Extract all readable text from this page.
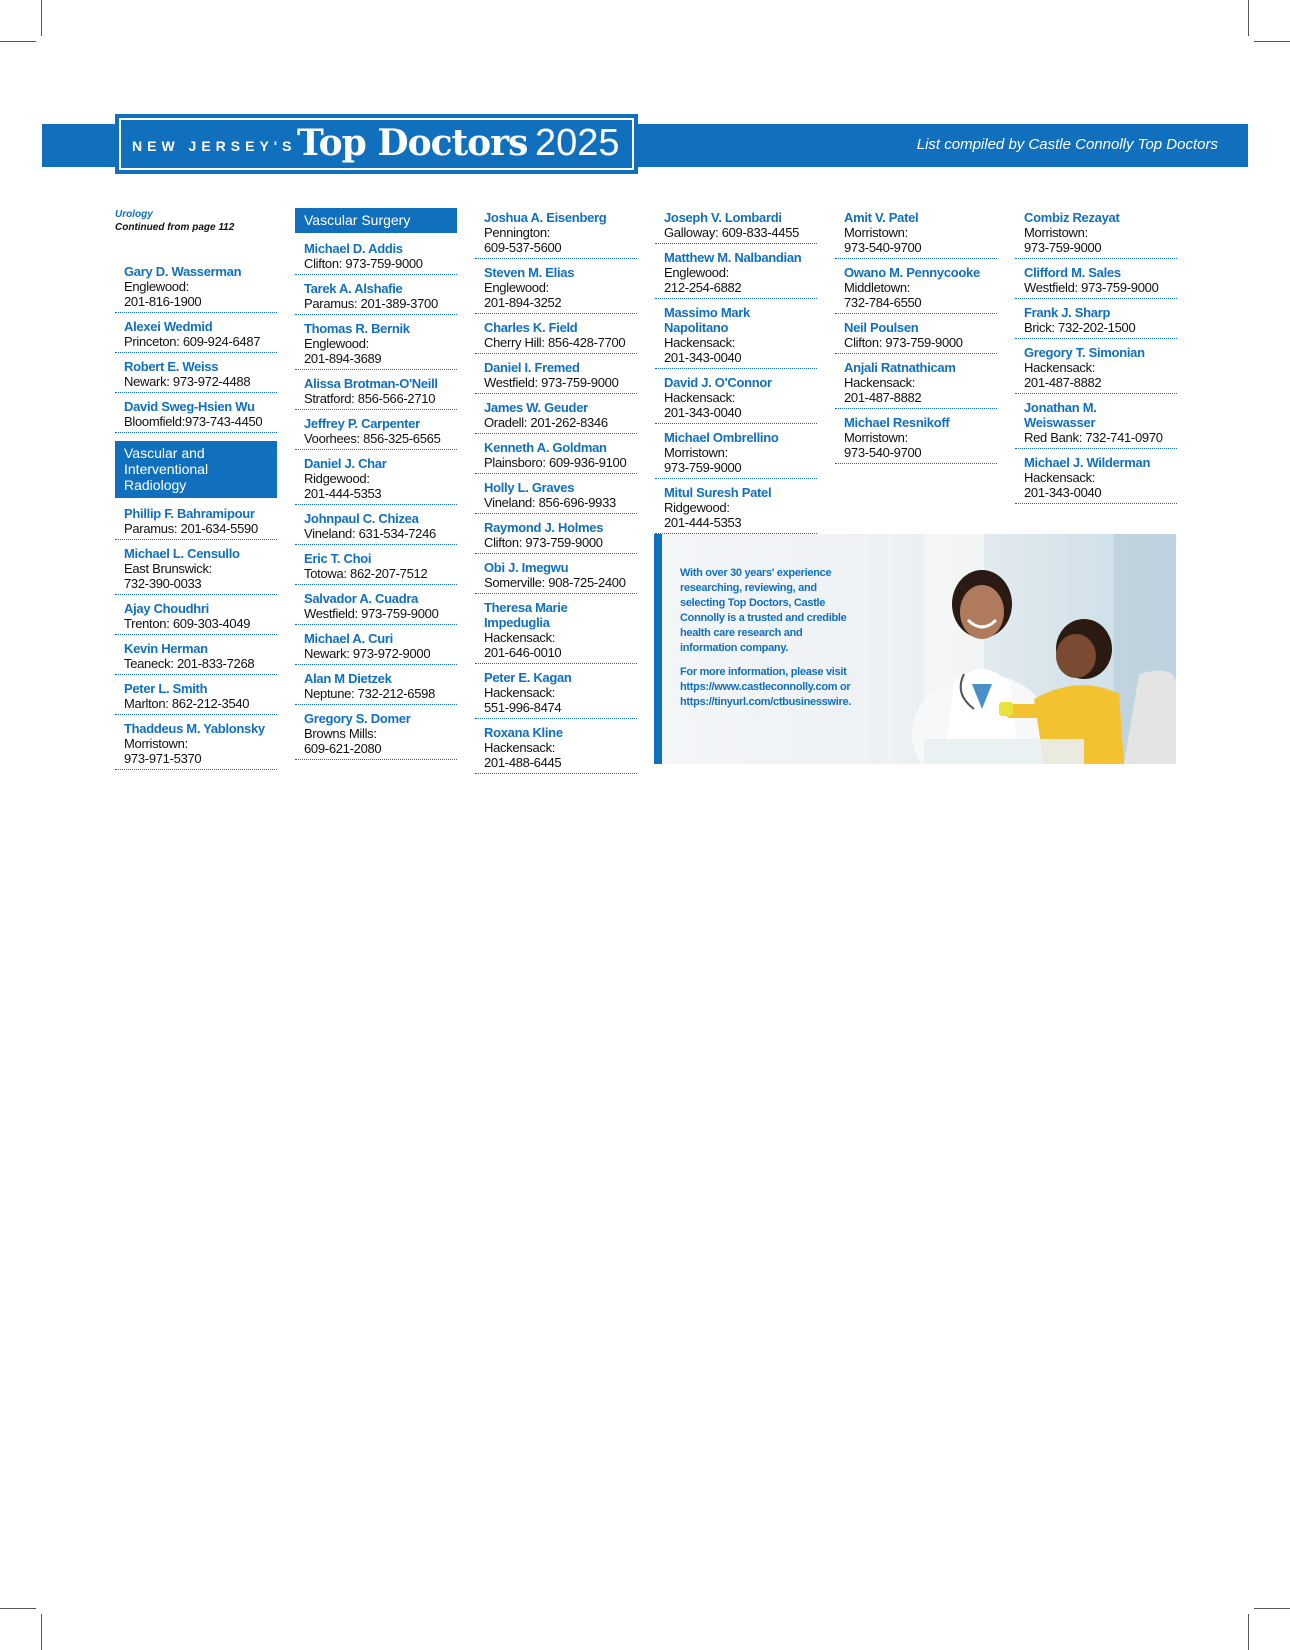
NEW JERSEY'S Top Doctors 2025	List compiled by Castle Connolly Top Doctors
Urology
Continued from page 112
Gary D. Wasserman
Englewood:
201-816-1900
Alexei Wedmid
Princeton: 609-924-6487
Robert E. Weiss
Newark: 973-972-4488
David Sweg-Hsien Wu
Bloomfield:973-743-4450
Vascular and Interventional Radiology
Phillip F. Bahramipour
Paramus: 201-634-5590
Michael L. Censullo
East Brunswick:
732-390-0033
Ajay Choudhri
Trenton: 609-303-4049
Kevin Herman
Teaneck: 201-833-7268
Peter L. Smith
Marlton: 862-212-3540
Thaddeus M. Yablonsky
Morristown:
973-971-5370
Vascular Surgery
Michael D. Addis
Clifton: 973-759-9000
Tarek A. Alshafie
Paramus: 201-389-3700
Thomas R. Bernik
Englewood:
201-894-3689
Alissa Brotman-O'Neill
Stratford: 856-566-2710
Jeffrey P. Carpenter
Voorhees: 856-325-6565
Daniel J. Char
Ridgewood:
201-444-5353
Johnpaul C. Chizea
Vineland: 631-534-7246
Eric T. Choi
Totowa: 862-207-7512
Salvador A. Cuadra
Westfield: 973-759-9000
Michael A. Curi
Newark: 973-972-9000
Alan M Dietzek
Neptune: 732-212-6598
Gregory S. Domer
Browns Mills:
609-621-2080
Joshua A. Eisenberg
Pennington:
609-537-5600
Steven M. Elias
Englewood:
201-894-3252
Charles K. Field
Cherry Hill: 856-428-7700
Daniel I. Fremed
Westfield: 973-759-9000
James W. Geuder
Oradell: 201-262-8346
Kenneth A. Goldman
Plainsboro: 609-936-9100
Holly L. Graves
Vineland: 856-696-9933
Raymond J. Holmes
Clifton: 973-759-9000
Obi J. Imegwu
Somerville: 908-725-2400
Theresa Marie Impeduglia
Hackensack:
201-646-0010
Peter E. Kagan
Hackensack:
551-996-8474
Roxana Kline
Hackensack:
201-488-6445
Joseph V. Lombardi
Galloway: 609-833-4455
Matthew M. Nalbandian
Englewood:
212-254-6882
Massimo Mark Napolitano
Hackensack:
201-343-0040
David J. O'Connor
Hackensack:
201-343-0040
Michael Ombrellino
Morristown:
973-759-9000
Mitul Suresh Patel
Ridgewood:
201-444-5353
Amit V. Patel
Morristown:
973-540-9700
Owano M. Pennycooke
Middletown:
732-784-6550
Neil Poulsen
Clifton: 973-759-9000
Anjali Ratnathicam
Hackensack:
201-487-8882
Michael Resnikoff
Morristown:
973-540-9700
Combiz Rezayat
Morristown:
973-759-9000
Clifford M. Sales
Westfield: 973-759-9000
Frank J. Sharp
Brick: 732-202-1500
Gregory T. Simonian
Hackensack:
201-487-8882
Jonathan M. Weiswasser
Red Bank: 732-741-0970
Michael J. Wilderman
Hackensack:
201-343-0040

With over 30 years' experience researching, reviewing, and selecting Top Doctors, Castle Connolly is a trusted and credible health care research and information company.

For more information, please visit https://www.castleconnolly.com or https://tinyurl.com/ctbusinesswire.
